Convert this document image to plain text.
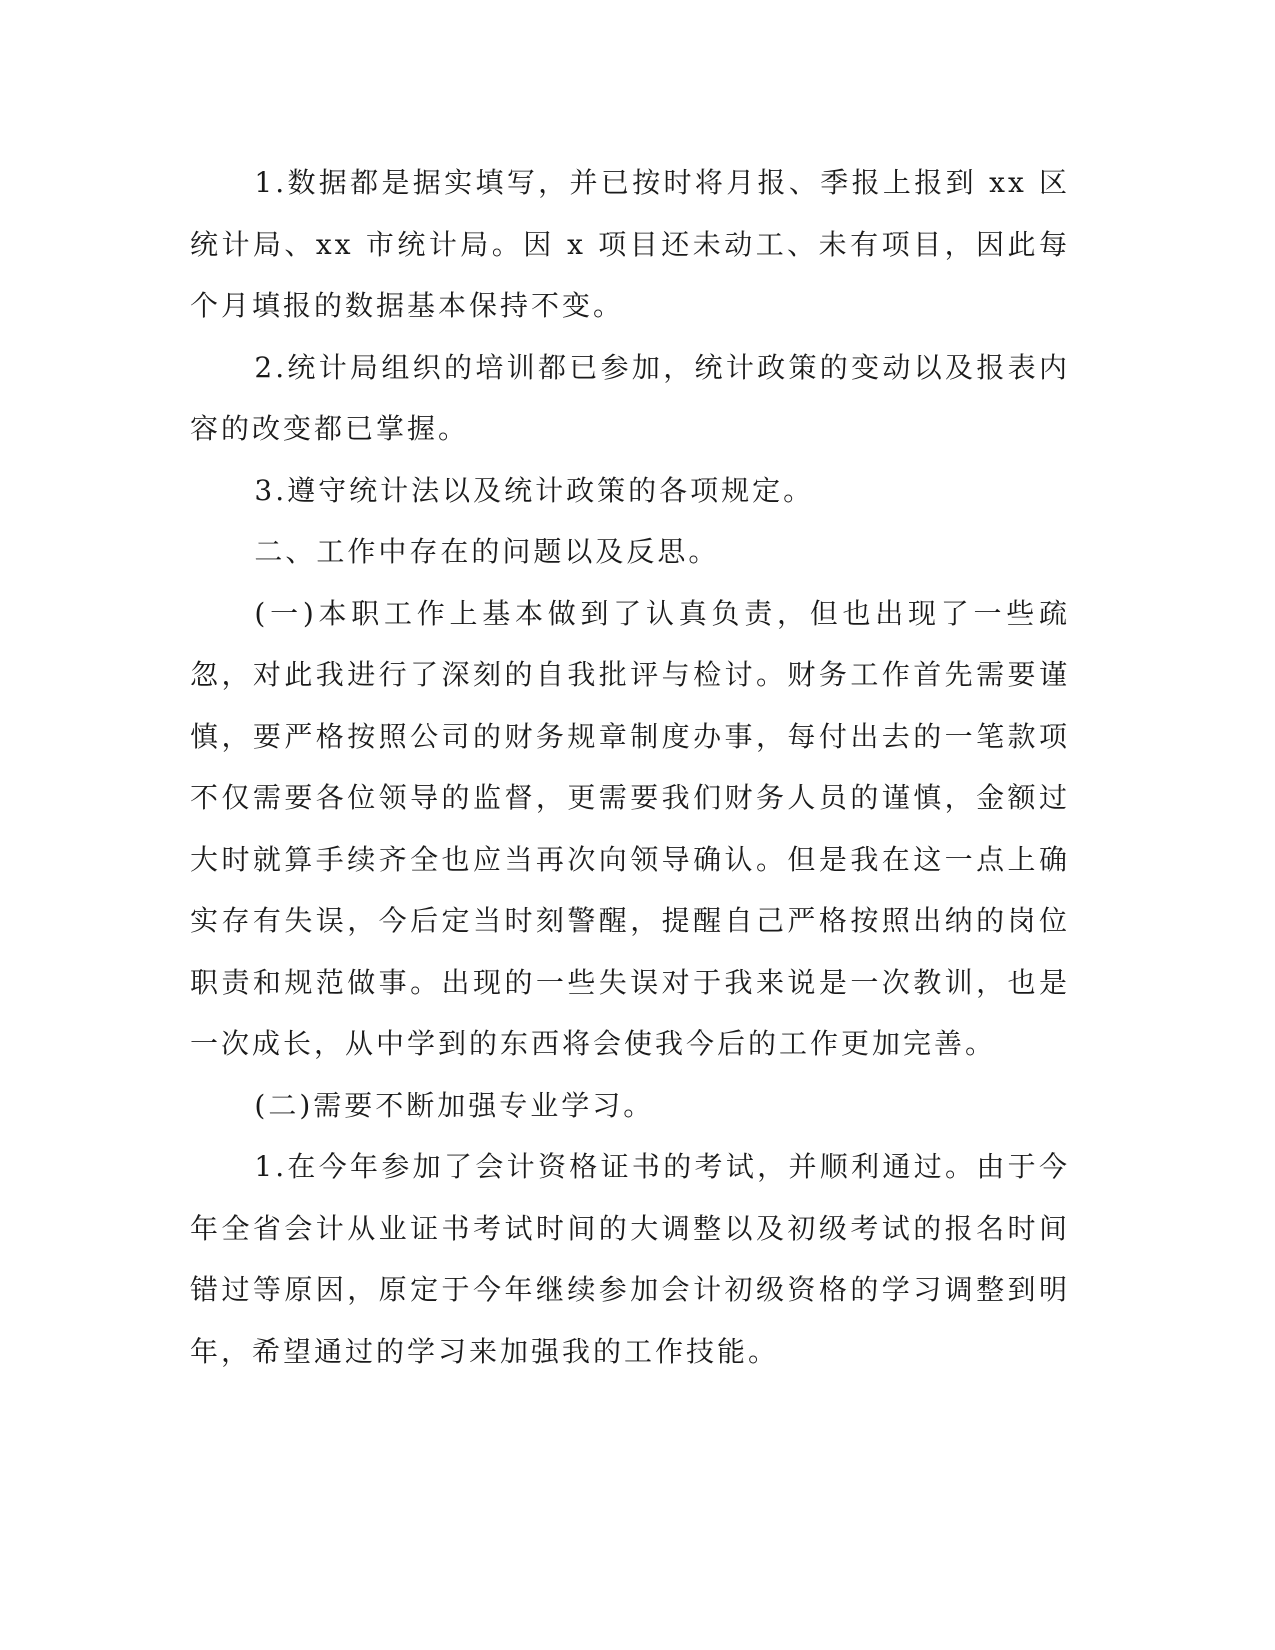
1.数据都是据实填写，并已按时将月报、季报上报到 xx 区统计局、xx 市统计局。因 x 项目还未动工、未有项目，因此每个月填报的数据基本保持不变。

2.统计局组织的培训都已参加，统计政策的变动以及报表内容的改变都已掌握。

3.遵守统计法以及统计政策的各项规定。

二、工作中存在的问题以及反思。

(一)本职工作上基本做到了认真负责，但也出现了一些疏忽，对此我进行了深刻的自我批评与检讨。财务工作首先需要谨慎，要严格按照公司的财务规章制度办事，每付出去的一笔款项不仅需要各位领导的监督，更需要我们财务人员的谨慎，金额过大时就算手续齐全也应当再次向领导确认。但是我在这一点上确实存有失误，今后定当时刻警醒，提醒自己严格按照出纳的岗位职责和规范做事。出现的一些失误对于我来说是一次教训，也是一次成长，从中学到的东西将会使我今后的工作更加完善。

(二)需要不断加强专业学习。

1.在今年参加了会计资格证书的考试，并顺利通过。由于今年全省会计从业证书考试时间的大调整以及初级考试的报名时间错过等原因，原定于今年继续参加会计初级资格的学习调整到明年，希望通过的学习来加强我的工作技能。
